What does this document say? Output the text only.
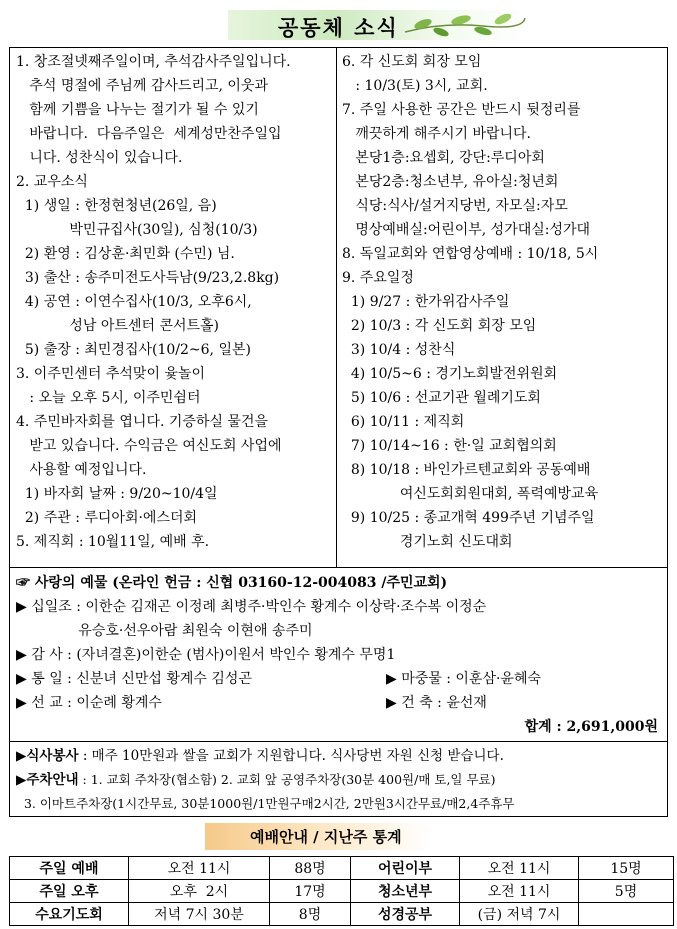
공동체 소식
1. 창조절넷째주일이며, 추석감사주일입니다.
추석 명절에 주님께 감사드리고, 이웃과
함께 기쁨을 나누는 절기가 될 수 있기
바랍니다.  다음주일은  세계성만찬주일입
니다. 성찬식이 있습니다.
2. 교우소식
1) 생일 : 한정현청년(26일, 음)
박민규집사(30일), 심청(10/3)
2) 환영 : 김상훈·최민화 (수민) 님.
3) 출산 : 송주미전도사득남(9/23,2.8kg)
4) 공연 : 이연수집사(10/3, 오후6시,
성남 아트센터 콘서트홀)
5) 출장 : 최민경집사(10/2~6, 일본)
3. 이주민센터 추석맞이 윷놀이
: 오늘 오후 5시, 이주민쉼터
4. 주민바자회를 엽니다. 기증하실 물건을
받고 있습니다. 수익금은 여신도회 사업에
사용할 예정입니다.
1) 바자회 날짜 : 9/20~10/4일
2) 주관 : 루디아회·에스더회
5. 제직회 : 10월11일, 예배 후.
6. 각 신도회 회장 모임
: 10/3(토) 3시, 교회.
7. 주일 사용한 공간은 반드시 뒷정리를
깨끗하게 해주시기 바랍니다.
본당1층:요셉회, 강단:루디아회
본당2층:청소년부, 유아실:청년회
식당:식사/설거지당번, 자모실:자모
명상예배실:어린이부, 성가대실:성가대
8. 독일교회와 연합영상예배 : 10/18, 5시
9. 주요일정
1) 9/27 : 한가위감사주일
2) 10/3 : 각 신도회 회장 모임
3) 10/4 : 성찬식
4) 10/5~6 : 경기노회발전위원회
5) 10/6 : 선교기관 월례기도회
6) 10/11 : 제직회
7) 10/14~16 : 한·일 교회협의회
8) 10/18 : 바인가르텐교회와 공동예배
여신도회회원대회, 폭력예방교육
9) 10/25 : 종교개혁 499주년 기념주일
경기노회 신도대회
☞ 사랑의 예물 (온라인 헌금 : 신협 03160-12-004083 /주민교회)
▶ 십일조 : 이한순 김재곤 이정례 최병주·박인수 황계수 이상락·조수복 이정순
유승호·선우아람 최원숙 이현애 송주미
▶ 감 사 : (자녀결혼)이한순 (범사)이원서 박인수 황계수 무명1
▶ 통 일 : 신분녀 신만섭 황계수 김성곤	▶ 마중물 : 이훈삼·윤혜숙
▶ 선 교 : 이순례 황계수	▶ 건 축 : 윤선재
합계 : 2,691,000원
▶식사봉사 : 매주 10만원과 쌀을 교회가 지원합니다. 식사당번 자원 신청 받습니다.
▶주차안내 : 1. 교회 주차장(협소함) 2. 교회 앞 공영주차장(30분 400원/매 토,일 무료)
3. 이마트주차장(1시간무료, 30분1000원/1만원구매2시간, 2만원3시간무료/매2,4주휴무
예배안내 / 지난주 통계
주일 예배	오전 11시	88명	어린이부	오전 11시	15명
주일 오후	오후  2시	17명	청소년부	오전 11시	5명
수요기도회	저녁 7시 30분	8명	성경공부	(금) 저녁 7시	
